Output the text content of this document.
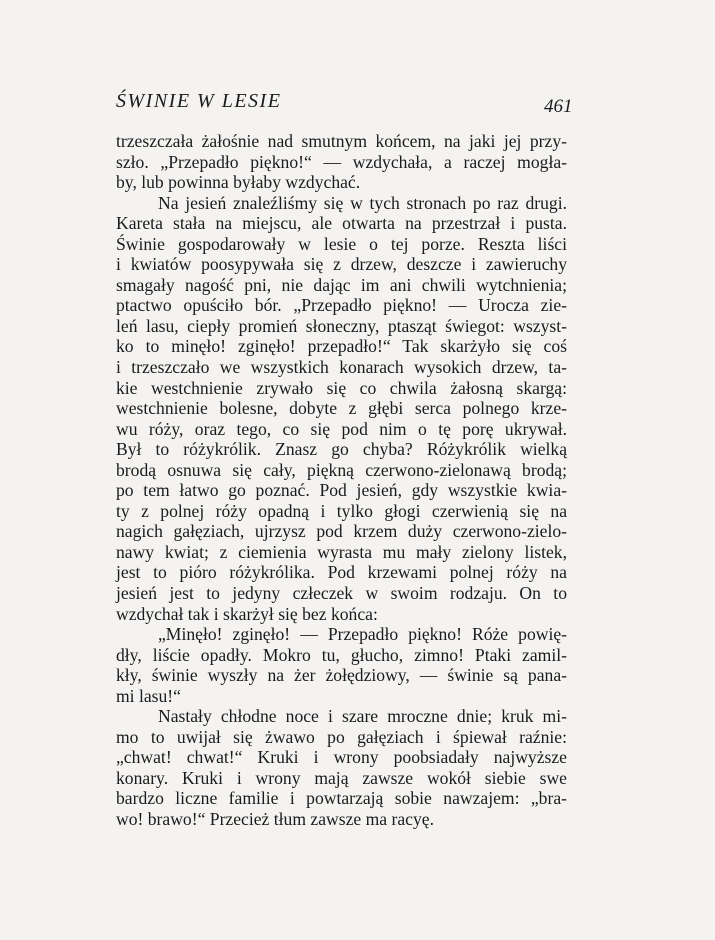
ŚWINIE W LESIE	461
trzeszczała żałośnie nad smutnym końcem, na jaki jej przy-
szło. „Przepadło piękno!“ — wzdychała, a raczej mogła-
by, lub powinna byłaby wzdychać.
Na jesień znaleźliśmy się w tych stronach po raz drugi.
Kareta stała na miejscu, ale otwarta na przestrzał i pusta.
Świnie gospodarowały w lesie o tej porze. Reszta liści
i kwiatów poosypywała się z drzew, deszcze i zawieruchy
smagały nagość pni, nie dając im ani chwili wytchnienia;
ptactwo opuściło bór. „Przepadło piękno! — Urocza zie-
leń lasu, ciepły promień słoneczny, ptasząt świegot: wszyst-
ko to minęło! zginęło! przepadło!“ Tak skarżyło się coś
i trzeszczało we wszystkich konarach wysokich drzew, ta-
kie westchnienie zrywało się co chwila żałosną skargą:
westchnienie bolesne, dobyte z głębi serca polnego krze-
wu róży, oraz tego, co się pod nim o tę porę ukrywał.
Był to różykrólik. Znasz go chyba? Różykrólik wielką
brodą osnuwa się cały, piękną czerwono-zielonawą brodą;
po tem łatwo go poznać. Pod jesień, gdy wszystkie kwia-
ty z polnej róży opadną i tylko głogi czerwienią się na
nagich gałęziach, ujrzysz pod krzem duży czerwono-zielo-
nawy kwiat; z ciemienia wyrasta mu mały zielony listek,
jest to pióro różykrólika. Pod krzewami polnej róży na
jesień jest to jedyny człeczek w swoim rodzaju. On to
wzdychał tak i skarżył się bez końca:
„Minęło! zginęło! — Przepadło piękno! Róże powię-
dły, liście opadły. Mokro tu, głucho, zimno! Ptaki zamil-
kły, świnie wyszły na żer żołędziowy, — świnie są pana-
mi lasu!“
Nastały chłodne noce i szare mroczne dnie; kruk mi-
mo to uwijał się żwawo po gałęziach i śpiewał raźnie:
„chwat! chwat!“ Kruki i wrony poobsiadały najwyższe
konary. Kruki i wrony mają zawsze wokół siebie swe
bardzo liczne familie i powtarzają sobie nawzajem: „bra-
wo! brawo!“ Przecież tłum zawsze ma racyę.
